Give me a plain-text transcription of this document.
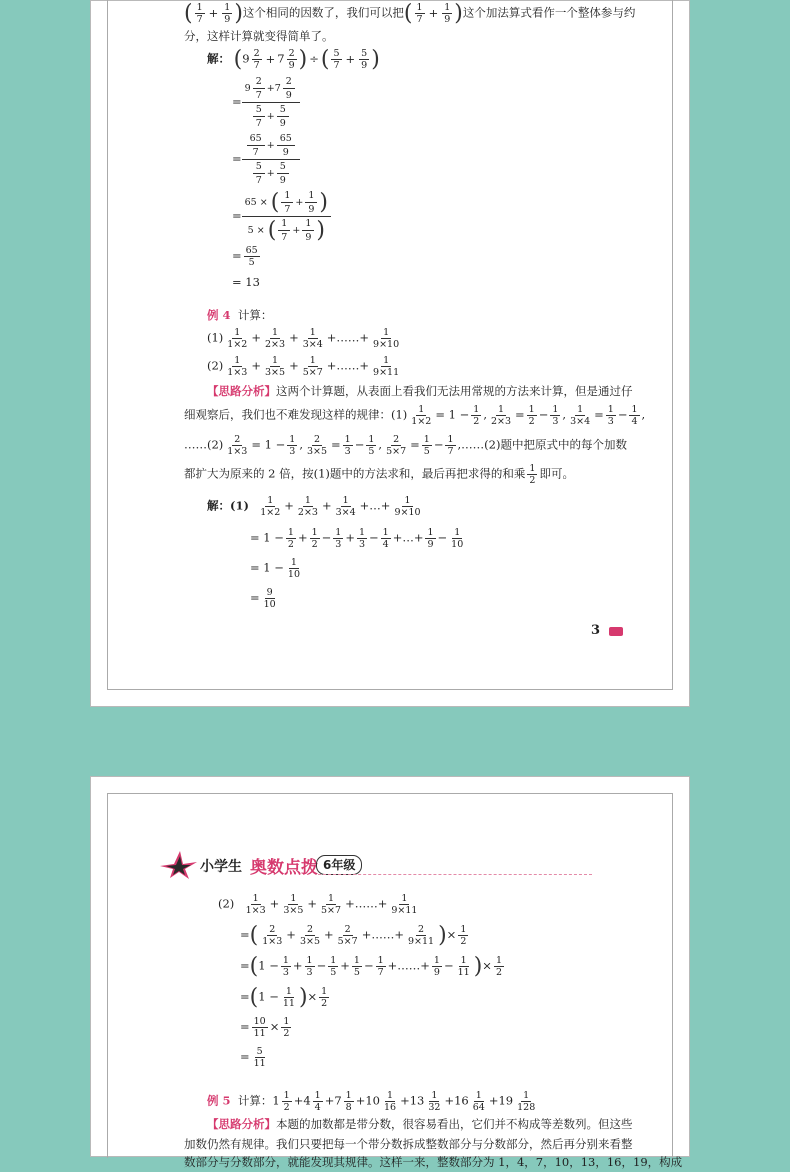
( $\frac{1}{7} + \frac{1}{9}$ )这个相同的因数了，我们可以把( $\frac{1}{7} + \frac{1}{9}$ )这个加法算式看作一个整体参与约
分，这样计算就变得简单了。
解： ($9 \frac{2}{7} + 7 \frac{2}{9}$ ) ÷( $\frac{5}{7} + \frac{5}{9}$ )
= $\frac{9 \frac{2}{7} +7 \frac{2}{9}}{\frac{5}{7} + \frac{5}{9}}$
= $\frac{\frac{65}{7} + \frac{65}{9}}{\frac{5}{7} + \frac{5}{9}}$
= $\frac{65 \times ( \frac{1}{7} + \frac{1}{9} )}{5 \times ( \frac{1}{7} + \frac{1}{9} )}$
= $\frac{65}{5}$
= 13
例 4 计算：
$(1) \frac{1}{1\times 2} + \frac{1}{2\times 3} + \frac{1}{3\times 4}$ +……+ $\frac{1}{9\times 10}$
$(2) \frac{1}{1\times 3} + \frac{1}{3\times 5} + \frac{1}{5\times 7}$ +……+ $\frac{1}{9\times 11}$
【思路分析】这两个计算题，从表面上看我们无法用常规的方法来计算，但是通过仔
细观察后，我们也不难发现这样的规律：$(1) \frac{1}{1\times 2} = 1 - \frac{1}{2}$ , $\frac{1}{2\times 3} = \frac{1}{2} - \frac{1}{3}$ , $\frac{1}{3\times 4} = \frac{1}{3} - \frac{1}{4}$ ,
……(2) $\frac{2}{1\times 3} = 1 - \frac{1}{3}$ , $\frac{2}{3\times 5} = \frac{1}{3} - \frac{1}{5}$ , $\frac{2}{5\times 7} = \frac{1}{5} - \frac{1}{7}$ ,……(2)题中把原式中的每个加数
都扩大为原来的 2 倍，按(1)题中的方法求和，最后再把求得的和乘 $\frac{1}{2}$ 即可。
解：$(1) \frac{1}{1\times 2} + \frac{1}{2\times 3} + \frac{1}{3\times 4}$ +…+ $\frac{1}{9\times 10}$
= $1 - \frac{1}{2} + \frac{1}{2} - \frac{1}{3} + \frac{1}{3} - \frac{1}{4}$ +…+ $\frac{1}{9} - \frac{1}{10}$
= $1 - \frac{1}{10}$
= $\frac{9}{10}$
3
小学生 奥数点拨 6年级
$(2) \frac{1}{1\times 3} + \frac{1}{3\times 5} + \frac{1}{5\times 7}$ +……+ $\frac{1}{9\times 11}$
=( $\frac{2}{1\times 3} + \frac{2}{3\times 5} + \frac{2}{5\times 7}$ +……+ $\frac{2}{9\times 11}$ )× $\frac{1}{2}$
$=(1 - \frac{1}{3} + \frac{1}{3} - \frac{1}{5} + \frac{1}{5} - \frac{1}{7}$ +……+ $\frac{1}{9} - \frac{1}{11}$ )× $\frac{1}{2}$
$=(1 - \frac{1}{11}$ )× $\frac{1}{2}$
= $\frac{10}{11} \times \frac{1}{2}$
= $\frac{5}{11}$
例 5 计算：$1 \frac{1}{2} +4 \frac{1}{4} +7 \frac{1}{8} +10 \frac{1}{16} +13 \frac{1}{32} +16 \frac{1}{64} +19 \frac{1}{128}$
【思路分析】本题的加数都是带分数，很容易看出，它们并不构成等差数列。但这些
加数仍然有规律。我们只要把每一个带分数拆成整数部分与分数部分，然后再分别来看整
数部分与分数部分，就能发现其规律。这样一来，整数部分为 1，4，7，10，13，16，19，构成
